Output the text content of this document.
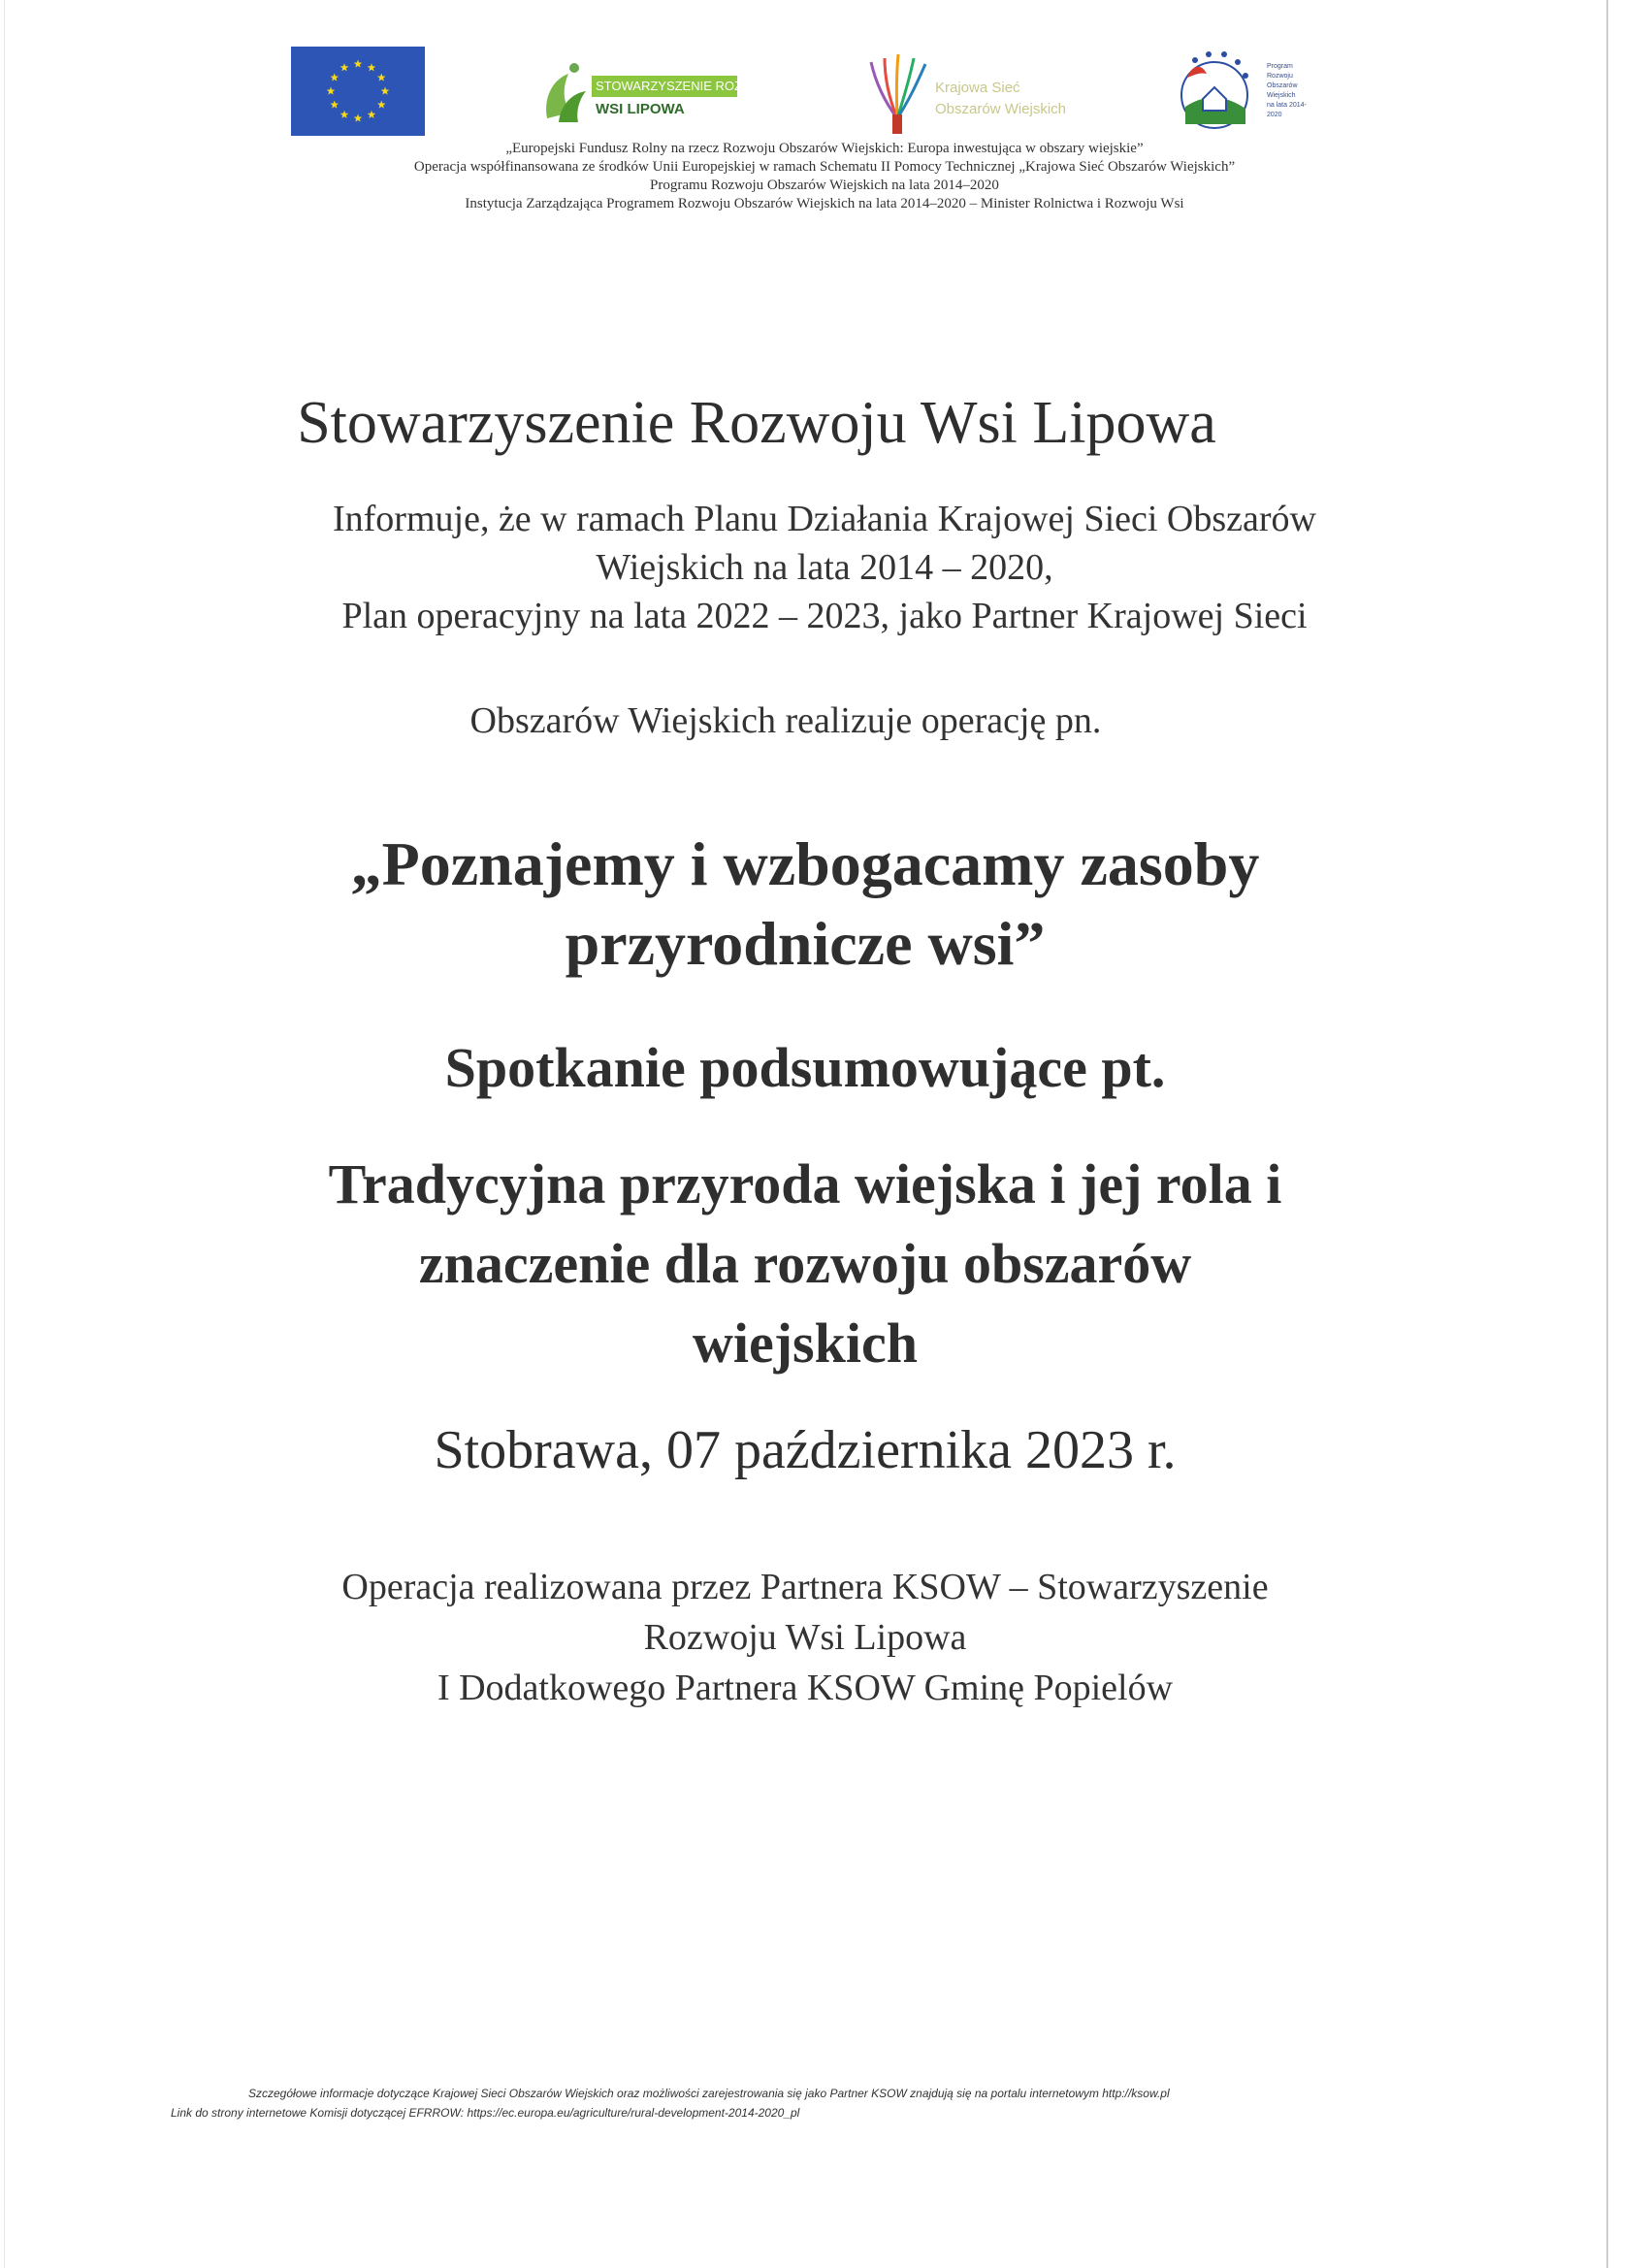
STOWARZYSZENIE ROZWOJU
WSI LIPOWA
Krajowa Sieć
Obszarów Wiejskich
Program
Rozwoju
Obszarów
Wiejskich
na lata 2014-2020
„Europejski Fundusz Rolny na rzecz Rozwoju Obszarów Wiejskich: Europa inwestująca w obszary wiejskie”
Operacja współfinansowana ze środków Unii Europejskiej w ramach Schematu II Pomocy Technicznej „Krajowa Sieć Obszarów Wiejskich”
Programu Rozwoju Obszarów Wiejskich na lata 2014–2020
Instytucja Zarządzająca Programem Rozwoju Obszarów Wiejskich na lata 2014–2020 – Minister Rolnictwa i Rozwoju Wsi
Stowarzyszenie Rozwoju Wsi Lipowa
Informuje, że w ramach Planu Działania Krajowej Sieci Obszarów
Wiejskich na lata 2014 – 2020,
Plan operacyjny na lata 2022 – 2023, jako Partner Krajowej Sieci
Obszarów Wiejskich realizuje operację pn.
„Poznajemy i wzbogacamy zasoby
przyrodnicze wsi”
Spotkanie podsumowujące pt.
Tradycyjna przyroda wiejska i jej rola i
znaczenie dla rozwoju obszarów
wiejskich
Stobrawa, 07 października 2023 r.
Operacja realizowana przez Partnera KSOW – Stowarzyszenie
Rozwoju Wsi Lipowa
I Dodatkowego Partnera KSOW Gminę Popielów
Szczegółowe informacje dotyczące Krajowej Sieci Obszarów Wiejskich oraz możliwości zarejestrowania się jako Partner KSOW znajdują się na portalu internetowym http://ksow.pl
Link do strony internetowe Komisji dotyczącej EFRROW: https://ec.europa.eu/agriculture/rural-development-2014-2020_pl
